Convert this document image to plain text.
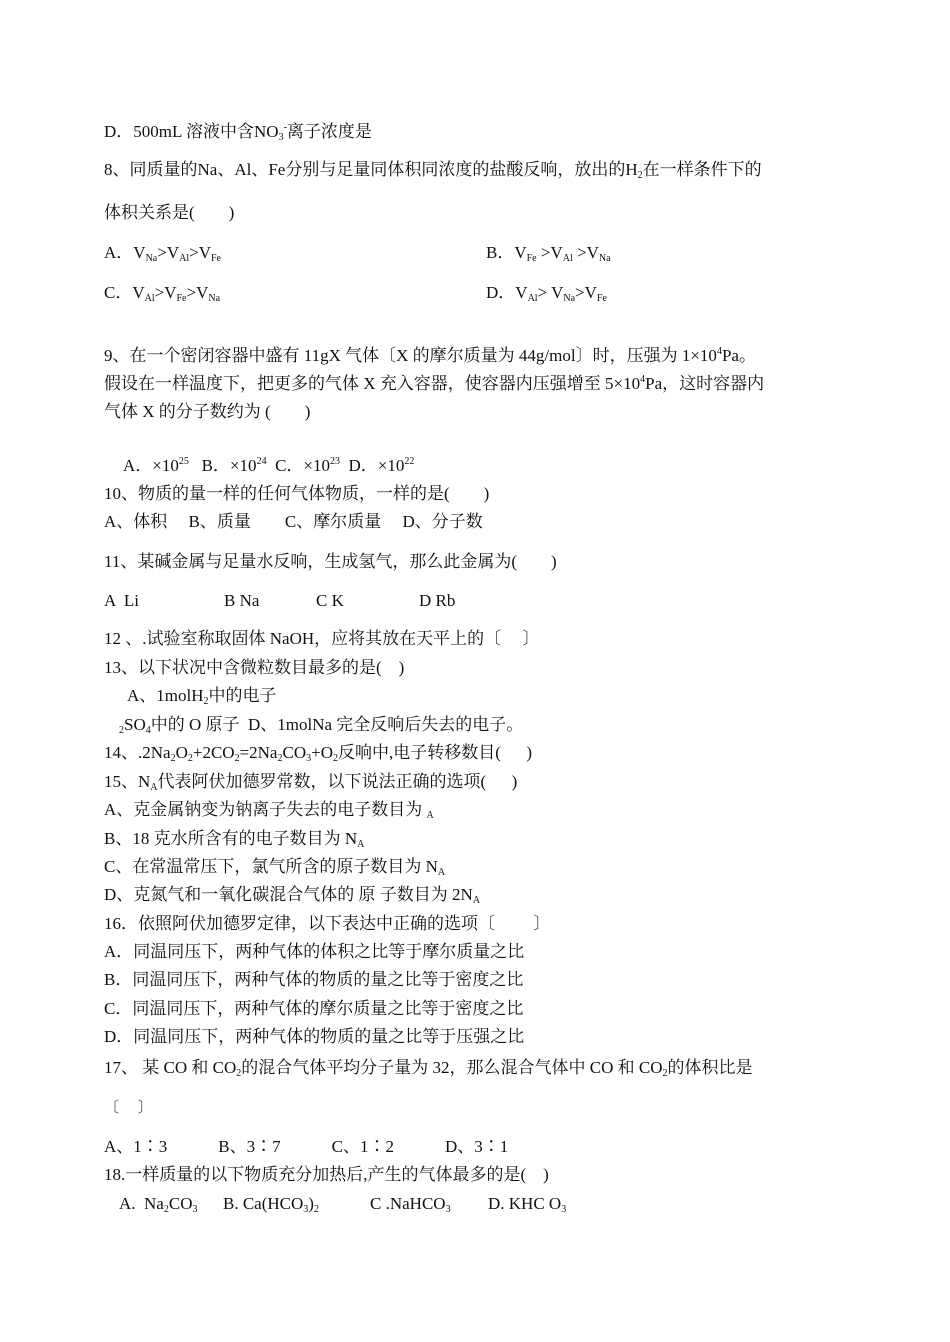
D．500mL 溶液中含$NO_3^-$离子浓度是
8、同质量的Na、Al、Fe分别与足量同体积同浓度的盐酸反响，放出的$H_2$在一样条件下的
体积关系是(　　)
A．$V_{Na}>V_{Al}>V_{Fe}$	B．$V_{Fe} >V_{Al} >V_{Na}$
C．$V_{Al}>V_{Fe}>V_{Na}$	D．$V_{Al}> V_{Na}>V_{Fe}$
9、在一个密闭容器中盛有 11gX 气体〔X 的摩尔质量为 44g/mol〕时，压强为 $1\times 10^4Pa$。
假设在一样温度下，把更多的气体 X 充入容器，使容器内压强增至 $5\times 10^4Pa$，这时容器内
气体 X 的分子数约为 (　　)
A．$\times 10^{25}$ B．$\times 10^{24}$ C．$\times 10^{23}$ D．$\times 10^{22}$
10、物质的量一样的任何气体物质，一样的是(　　)
A、体积　 B、质量　　C、摩尔质量　 D、分子数
11、某碱金属与足量水反响，生成氢气，那么此金属为(　　)
A  Li	B Na	C K	D Rb
12 、.试验室称取固体 NaOH，应将其放在天平上的〔　 〕
13、以下状况中含微粒数目最多的是(　)
A、1molH$_2$中的电子
$_2SO_4$中的 O 原子  D、1molNa 完全反响后失去的电子。
14、$.2Na_2O_2+2CO_2=2Na_2CO_3+O_2$反响中,电子转移数目(　  )
15、$N_A$代表阿伏加德罗常数，以下说法正确的选项(　  )
A、克金属钠变为钠离子失去的电子数目为 $_A$
B、18 克水所含有的电子数目为 $N_A$
C、在常温常压下，氯气所含的原子数目为 $N_A$
D、克氮气和一氧化碳混合气体的 原 子数目为 $2N_A$
16．依照阿伏加德罗定律，以下表达中正确的选项〔　　 〕
A．同温同压下，两种气体的体积之比等于摩尔质量之比
B．同温同压下，两种气体的物质的量之比等于密度之比
C．同温同压下，两种气体的摩尔质量之比等于密度之比
D．同温同压下，两种气体的物质的量之比等于压强之比
17、 某 CO 和 $CO_2$的混合气体平均分子量为 32，那么混合气体中 CO 和 $CO_2$的体积比是
〔　 〕
A、1∶3　　　B、3∶7　　　C、1∶2　　　D、3∶1
18.一样质量的以下物质充分加热后,产生的气体最多的是(　)
A.  $Na_2CO_3$ B. $Ca(HCO_3)_2$	C .NaHCO$_3$ D. KHC $O_3$
